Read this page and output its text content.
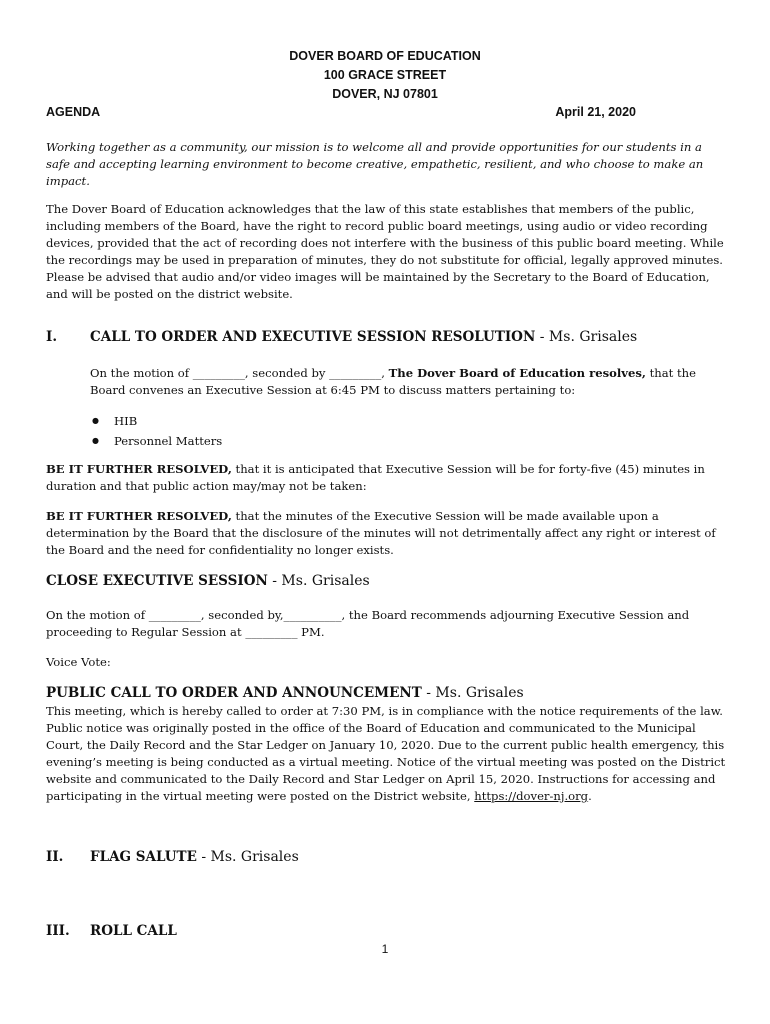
DOVER BOARD OF EDUCATION
100 GRACE STREET
DOVER, NJ 07801
AGENDA	April 21, 2020
Working together as a community, our mission is to welcome all and provide opportunities for our students in a safe and accepting learning environment to become creative, empathetic, resilient, and who choose to make an impact.
The Dover Board of Education acknowledges that the law of this state establishes that members of the public, including members of the Board, have the right to record public board meetings, using audio or video recording devices, provided that the act of recording does not interfere with the business of this public board meeting. While the recordings may be used in preparation of minutes, they do not substitute for official, legally approved minutes. Please be advised that audio and/or video images will be maintained by the Secretary to the Board of Education, and will be posted on the district website.
I. CALL TO ORDER AND EXECUTIVE SESSION RESOLUTION - Ms. Grisales
On the motion of _________, seconded by _________, The Dover Board of Education resolves, that the Board convenes an Executive Session at 6:45 PM to discuss matters pertaining to:
● HIB
● Personnel Matters
BE IT FURTHER RESOLVED, that it is anticipated that Executive Session will be for forty-five (45) minutes in duration and that public action may/may not be taken:
BE IT FURTHER RESOLVED, that the minutes of the Executive Session will be made available upon a determination by the Board that the disclosure of the minutes will not detrimentally affect any right or interest of the Board and the need for confidentiality no longer exists.
CLOSE EXECUTIVE SESSION - Ms. Grisales
On the motion of _________, seconded by,__________, the Board recommends adjourning Executive Session and proceeding to Regular Session at _________ PM.
Voice Vote:
PUBLIC CALL TO ORDER AND ANNOUNCEMENT - Ms. Grisales
This meeting, which is hereby called to order at 7:30 PM, is in compliance with the notice requirements of the law. Public notice was originally posted in the office of the Board of Education and communicated to the Municipal Court, the Daily Record and the Star Ledger on January 10, 2020. Due to the current public health emergency, this evening’s meeting is being conducted as a virtual meeting. Notice of the virtual meeting was posted on the District website and communicated to the Daily Record and Star Ledger on April 15, 2020. Instructions for accessing and participating in the virtual meeting were posted on the District website, https://dover-nj.org.
II. FLAG SALUTE - Ms. Grisales
III. ROLL CALL
1
